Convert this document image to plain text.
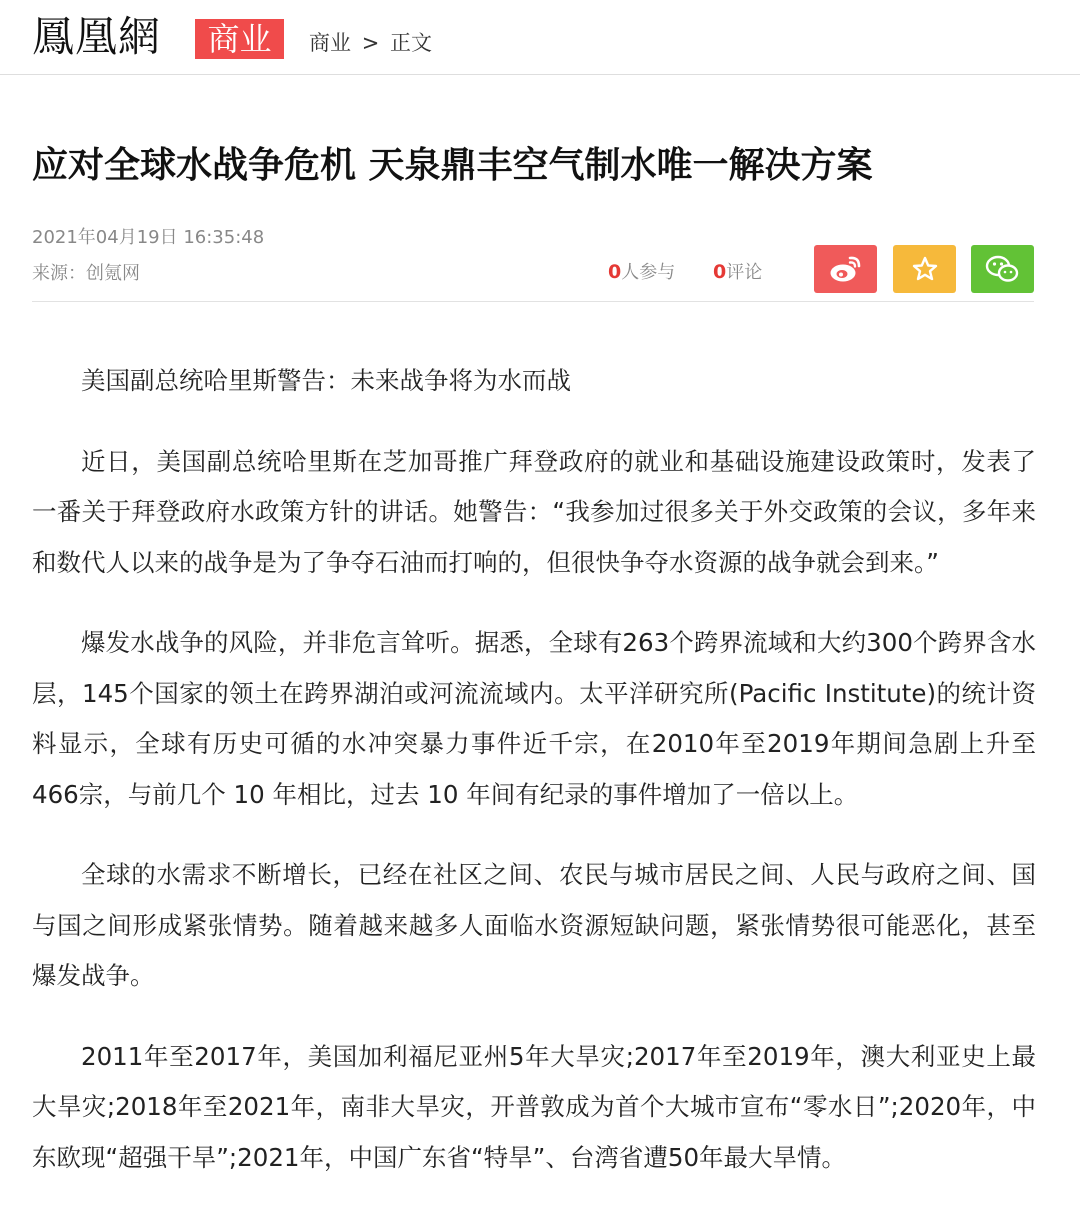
鳳凰網	商业	商业 > 正文
应对全球水战争危机 天泉鼎丰空气制水唯一解决方案
2021年04月19日 16:35:48
来源：创氪网	0人参与 0评论

美国副总统哈里斯警告：未来战争将为水而战

近日，美国副总统哈里斯在芝加哥推广拜登政府的就业和基础设施建设政策时，发表了一番关于拜登政府水政策方针的讲话。她警告：“我参加过很多关于外交政策的会议，多年来和数代人以来的战争是为了争夺石油而打响的，但很快争夺水资源的战争就会到来。”

爆发水战争的风险，并非危言耸听。据悉，全球有263个跨界流域和大约300个跨界含水层，145个国家的领土在跨界湖泊或河流流域内。太平洋研究所(Pacific Institute)的统计资料显示，全球有历史可循的水冲突暴力事件近千宗，在2010年至2019年期间急剧上升至466宗，与前几个 10 年相比，过去 10 年间有纪录的事件增加了一倍以上。

全球的水需求不断增长，已经在社区之间、农民与城市居民之间、人民与政府之间、国与国之间形成紧张情势。随着越来越多人面临水资源短缺问题，紧张情势很可能恶化，甚至爆发战争。

2011年至2017年，美国加利福尼亚州5年大旱灾;2017年至2019年，澳大利亚史上最大旱灾;2018年至2021年，南非大旱灾，开普敦成为首个大城市宣布“零水日”;2020年，中东欧现“超强干旱”;2021年，中国广东省“特旱”、台湾省遭50年最大旱情。
